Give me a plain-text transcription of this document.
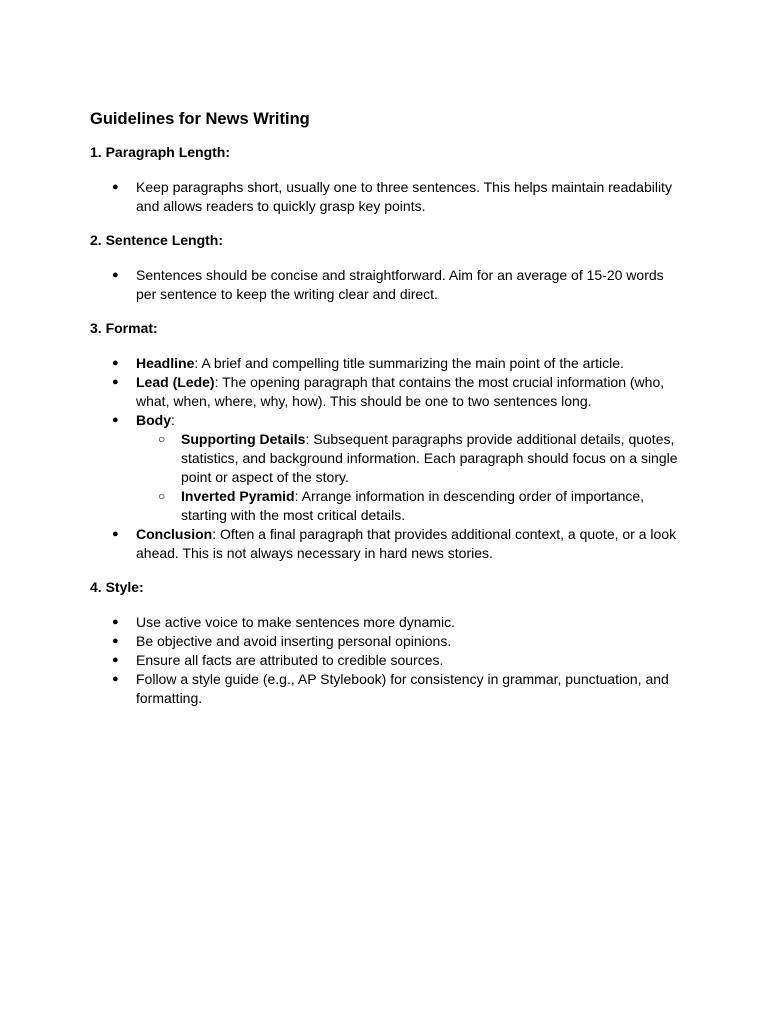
Guidelines for News Writing
1. Paragraph Length:
● Keep paragraphs short, usually one to three sentences. This helps maintain readability and allows readers to quickly grasp key points.
2. Sentence Length:
● Sentences should be concise and straightforward. Aim for an average of 15-20 words per sentence to keep the writing clear and direct.
3. Format:
● Headline: A brief and compelling title summarizing the main point of the article.
● Lead (Lede): The opening paragraph that contains the most crucial information (who, what, when, where, why, how). This should be one to two sentences long.
● Body:
○ Supporting Details: Subsequent paragraphs provide additional details, quotes, statistics, and background information. Each paragraph should focus on a single point or aspect of the story.
○ Inverted Pyramid: Arrange information in descending order of importance, starting with the most critical details.
● Conclusion: Often a final paragraph that provides additional context, a quote, or a look ahead. This is not always necessary in hard news stories.
4. Style:
● Use active voice to make sentences more dynamic.
● Be objective and avoid inserting personal opinions.
● Ensure all facts are attributed to credible sources.
● Follow a style guide (e.g., AP Stylebook) for consistency in grammar, punctuation, and formatting.
